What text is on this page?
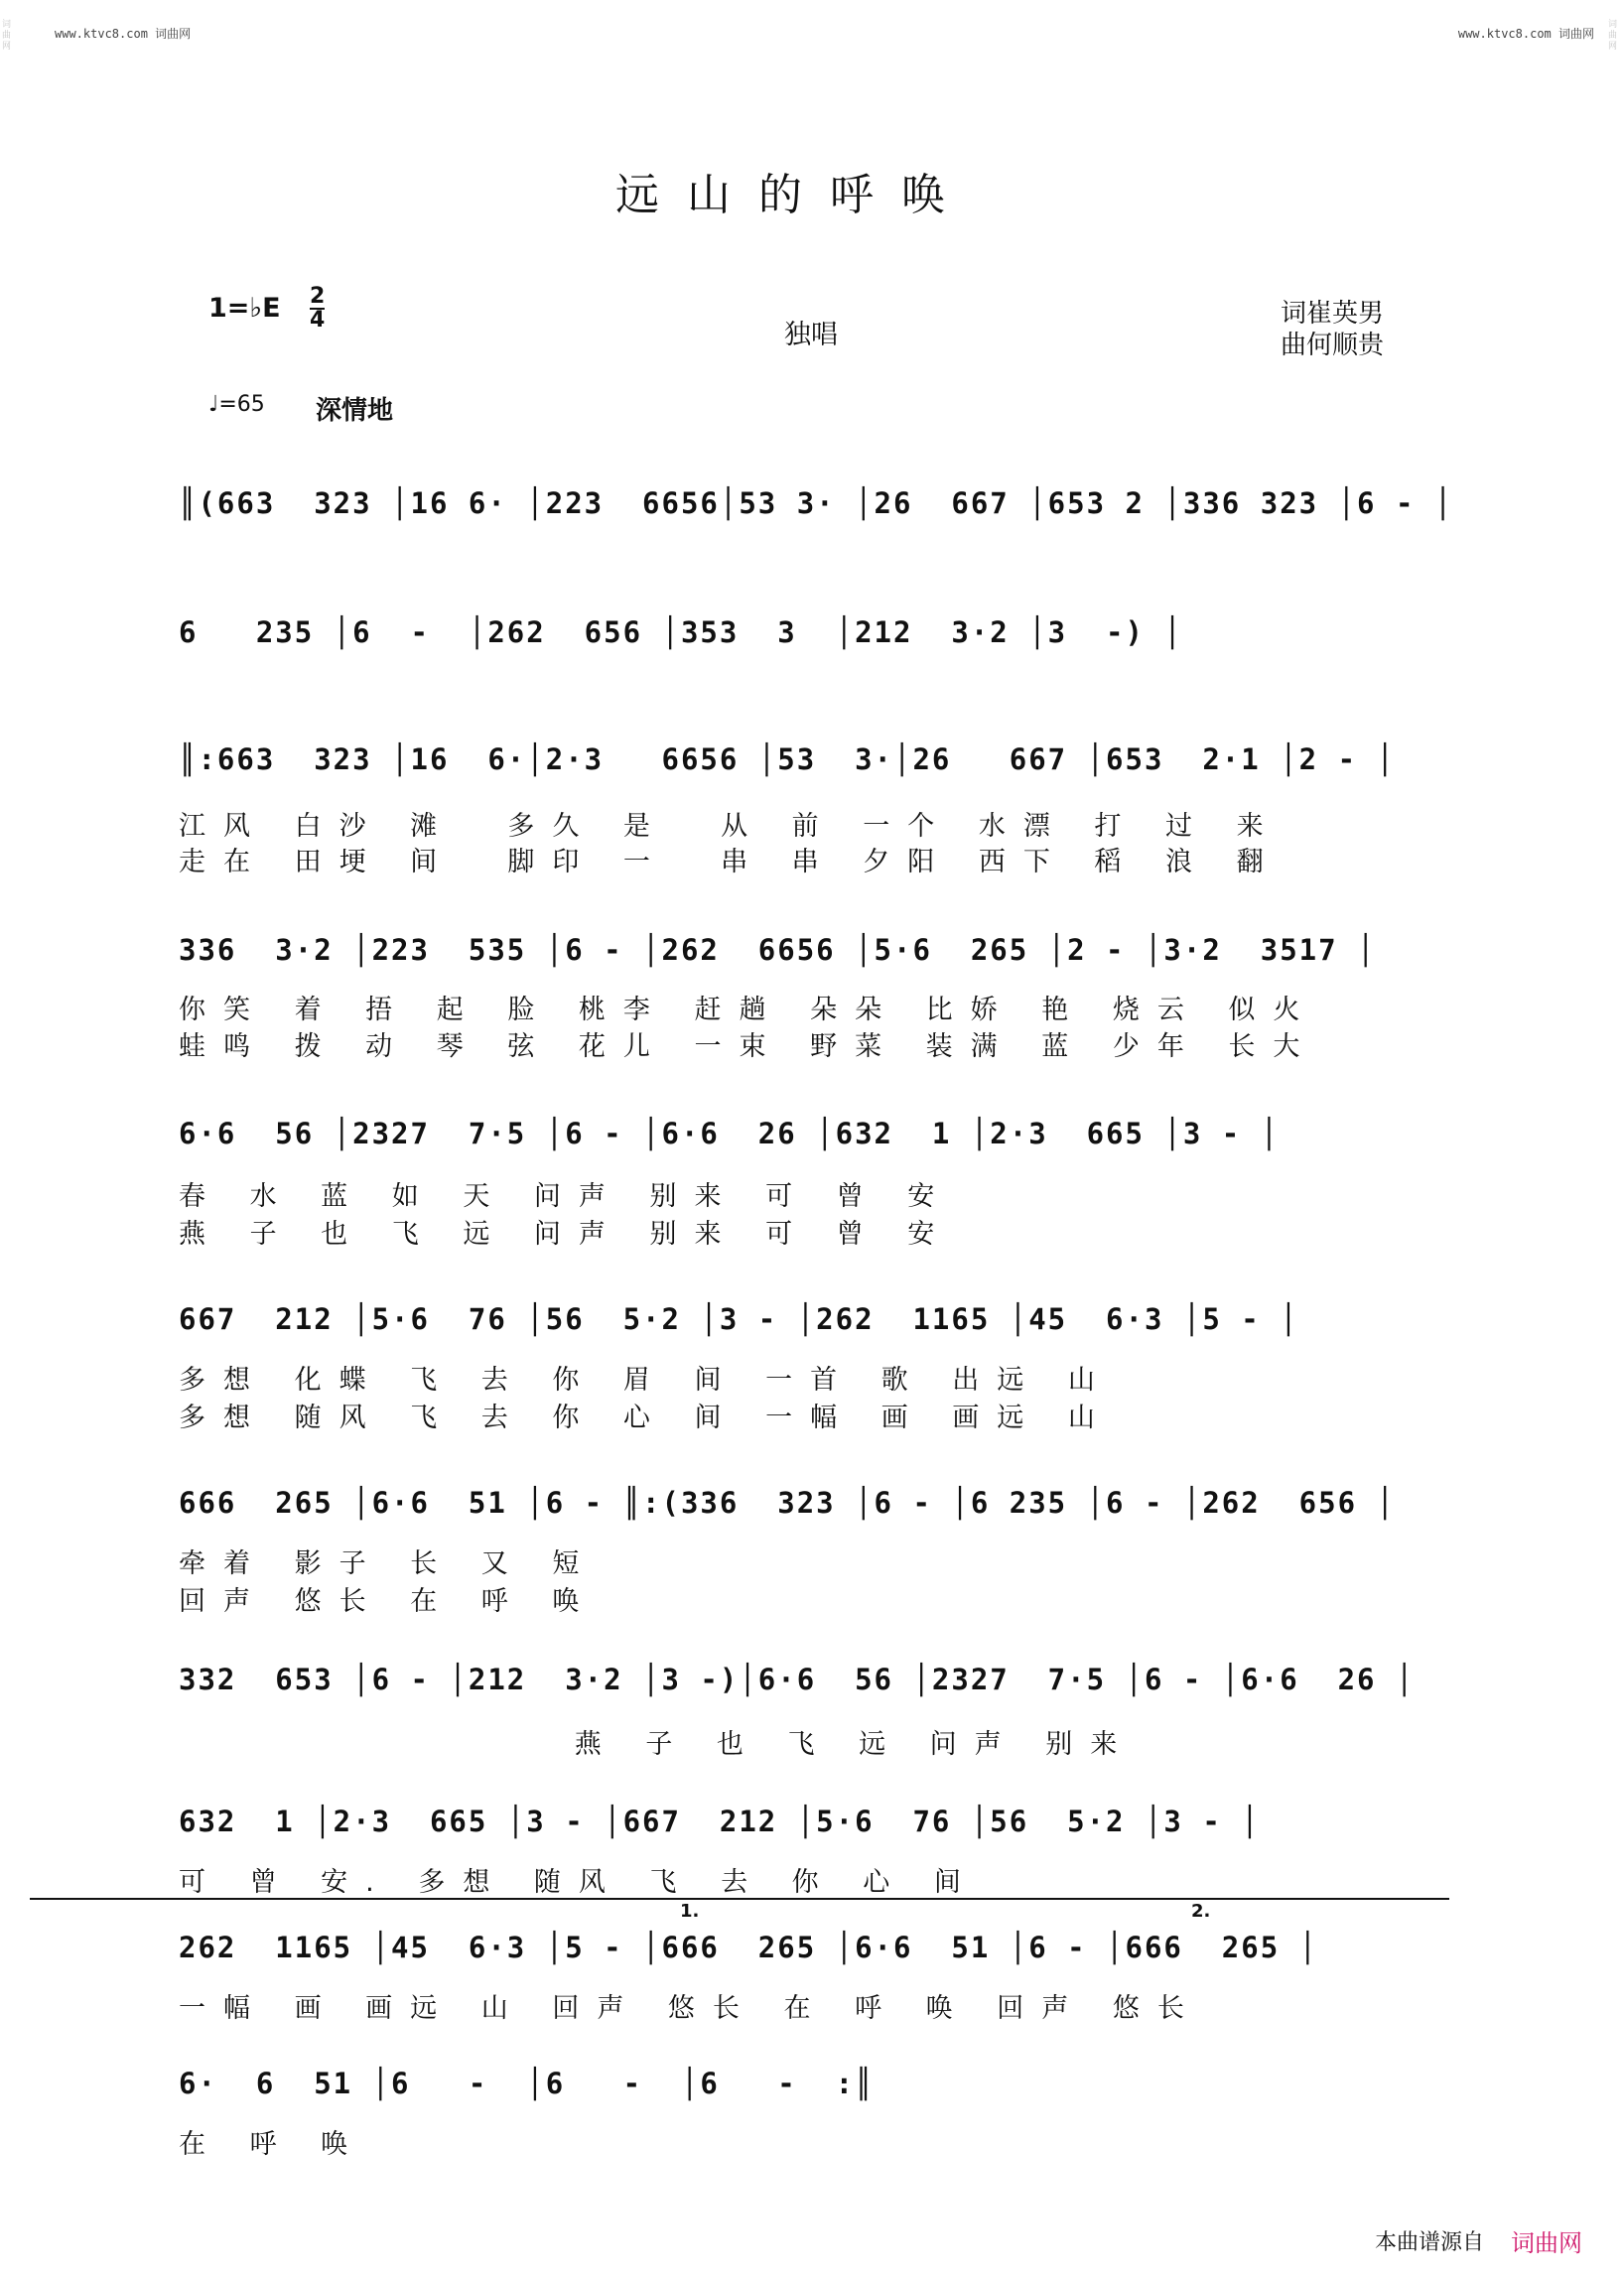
www.ktvc8.com 词曲网	www.ktvc8.com 词曲网
词曲网
词曲网
远山的呼唤
1=♭E 2
4	独唱
词崔英男
曲何顺贵
♩=65 深情地
║(663  323 │16 6· │223  6656│53 3· │26  667 │653 2 │336 323 │6 - │
6   235 │6  -  │262  656 │353  3  │212  3·2 │3  -) │
║:663  323 │16  6·│2·3   6656 │53  3·│26   667 │653  2·1 │2 - │
江风 白沙 滩  多久 是  从 前 一个 水漂 打 过 来
走在 田埂 间  脚印 一  串 串 夕阳 西下 稻 浪 翻
336  3·2 │223  535 │6 - │262  6656 │5·6  265 │2 - │3·2  3517 │
你笑 着 捂 起 脸 桃李 赶趟 朵朵 比娇 艳 烧云 似火
蛙鸣 拨 动 琴 弦 花儿 一束 野菜 装满 蓝 少年 长大
6·6  56 │2327  7·5 │6 - │6·6  26 │632  1 │2·3  665 │3 - │
春 水 蓝 如 天 问声 别来 可 曾 安
燕 子 也 飞 远 问声 别来 可 曾 安
667  212 │5·6  76 │56  5·2 │3 - │262  1165 │45  6·3 │5 - │
多想 化蝶 飞 去 你 眉 间 一首 歌 出远 山
多想 随风 飞 去 你 心 间 一幅 画 画远 山
666  265 │6·6  51 │6 - ║:(336  323 │6 - │6 235 │6 - │262  656 │
牵着 影子 长 又 短
回声 悠长 在 呼 唤
332  653 │6 - │212  3·2 │3 -)│6·6  56 │2327  7·5 │6 - │6·6  26 │
燕 子 也 飞 远 问声 别来
632  1 │2·3  665 │3 - │667  212 │5·6  76 │56  5·2 │3 - │
可 曾 安. 多想 随风 飞 去 你 心 间
1.	2.
262  1165 │45  6·3 │5 - │666  265 │6·6  51 │6 - │666  265 │
一幅 画 画远 山 回声 悠长 在 呼 唤 回声 悠长
6·  6  51 │6   -  │6   -  │6   -  :║
在 呼 唤
本曲谱源自 词曲网
